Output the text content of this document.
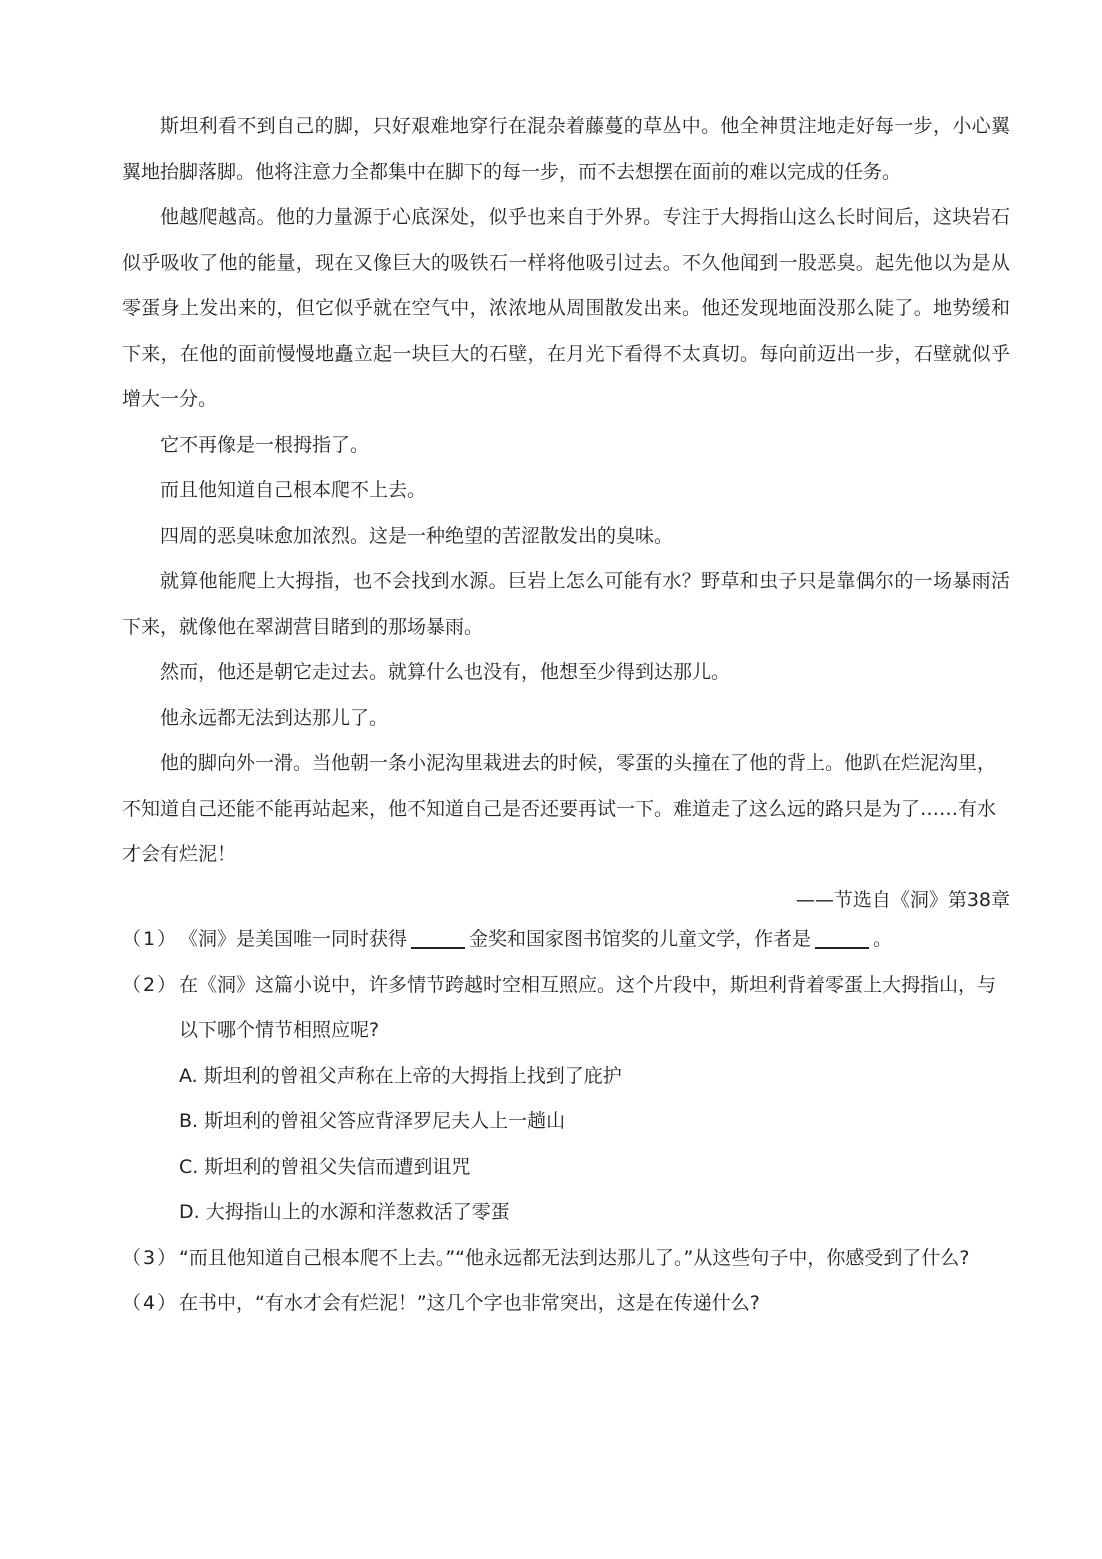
斯坦利看不到自己的脚，只好艰难地穿行在混杂着藤蔓的草丛中。他全神贯注地走好每一步，小心翼翼地抬脚落脚。他将注意力全都集中在脚下的每一步，而不去想摆在面前的难以完成的任务。

他越爬越高。他的力量源于心底深处，似乎也来自于外界。专注于大拇指山这么长时间后，这块岩石似乎吸收了他的能量，现在又像巨大的吸铁石一样将他吸引过去。不久他闻到一股恶臭。起先他以为是从零蛋身上发出来的，但它似乎就在空气中，浓浓地从周围散发出来。他还发现地面没那么陡了。地势缓和下来，在他的面前慢慢地矗立起一块巨大的石壁，在月光下看得不太真切。每向前迈出一步，石壁就似乎增大一分。

它不再像是一根拇指了。

而且他知道自己根本爬不上去。

四周的恶臭味愈加浓烈。这是一种绝望的苦涩散发出的臭味。

就算他能爬上大拇指，也不会找到水源。巨岩上怎么可能有水？野草和虫子只是靠偶尔的一场暴雨活下来，就像他在翠湖营目睹到的那场暴雨。

然而，他还是朝它走过去。就算什么也没有，他想至少得到达那儿。

他永远都无法到达那儿了。

他的脚向外一滑。当他朝一条小泥沟里栽进去的时候，零蛋的头撞在了他的背上。他趴在烂泥沟里，不知道自己还能不能再站起来，他不知道自己是否还要再试一下。难道走了这么远的路只是为了……有水才会有烂泥！

——节选自《洞》第38章

（1） 《洞》是美国唯一同时获得	金奖和国家图书馆奖的儿童文学，作者是	。

（2） 在《洞》这篇小说中，许多情节跨越时空相互照应。这个片段中，斯坦利背着零蛋上大拇指山，与以下哪个情节相照应呢?

A. 斯坦利的曾祖父声称在上帝的大拇指上找到了庇护

B. 斯坦利的曾祖父答应背泽罗尼夫人上一趟山

C. 斯坦利的曾祖父失信而遭到诅咒

D. 大拇指山上的水源和洋葱救活了零蛋

（3） “而且他知道自己根本爬不上去。”“他永远都无法到达那儿了。”从这些句子中，你感受到了什么?

（4） 在书中，“有水才会有烂泥！”这几个字也非常突出，这是在传递什么?
